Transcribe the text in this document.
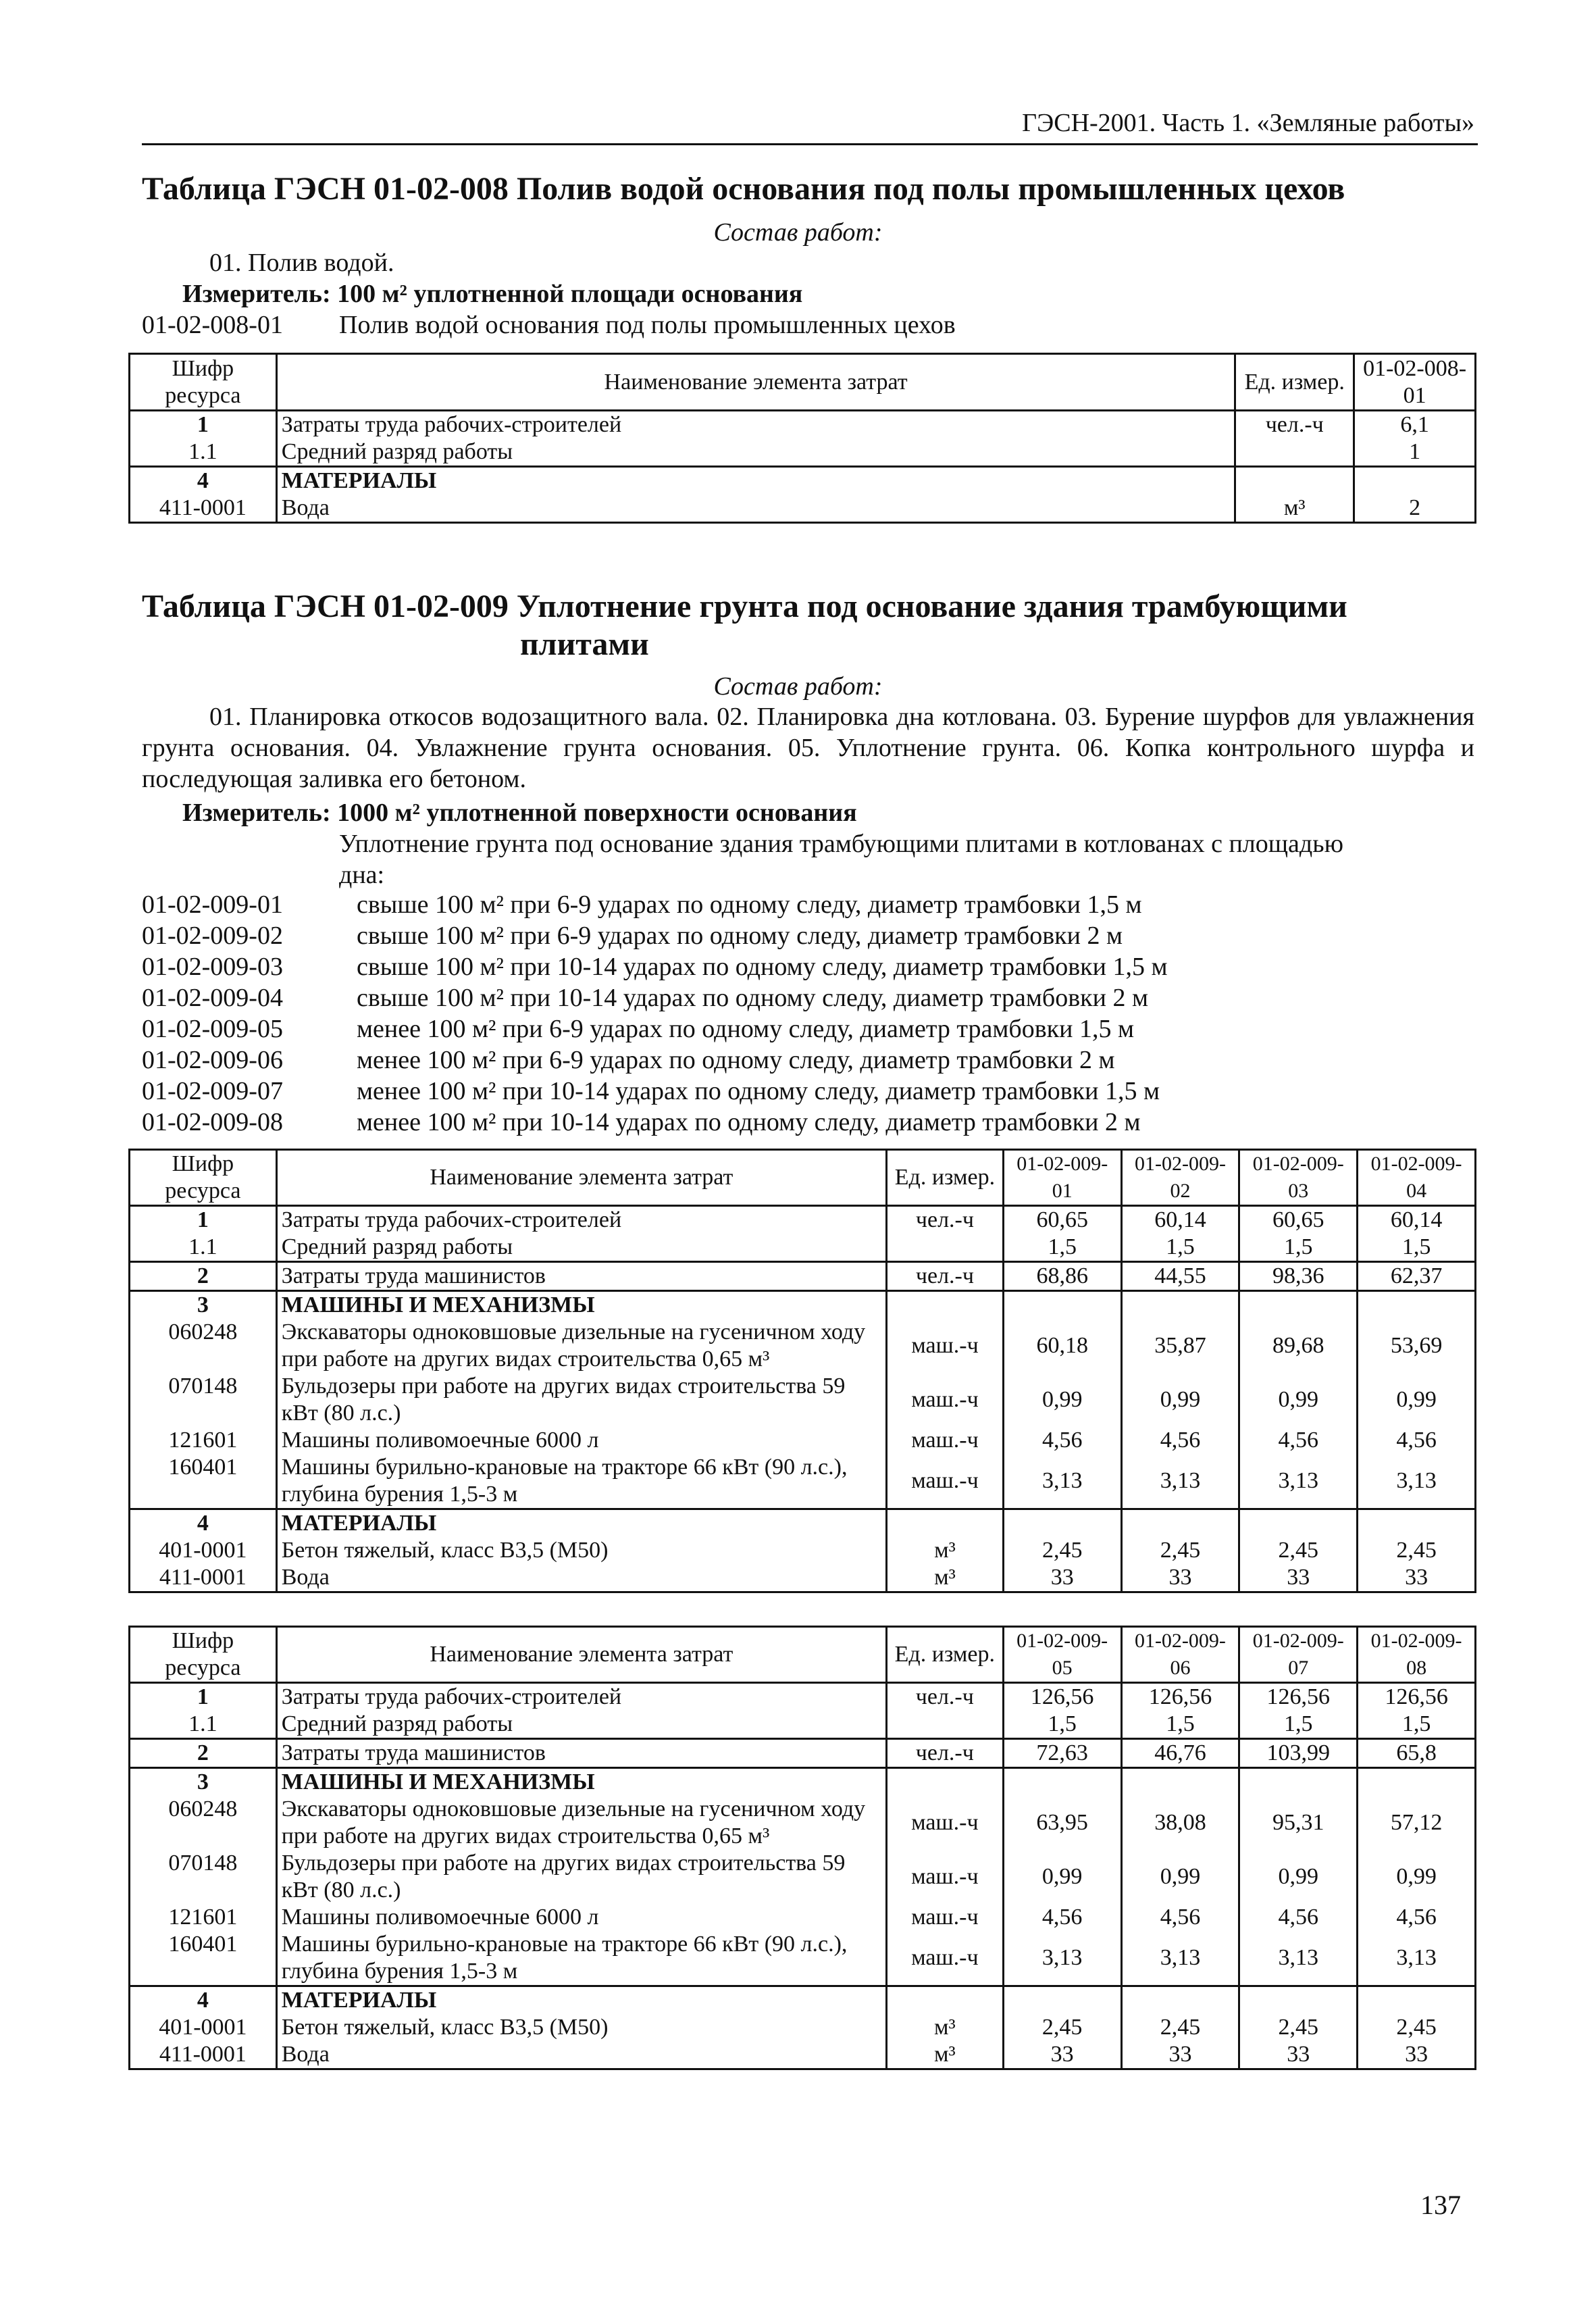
ГЭСН-2001. Часть 1. «Земляные работы»
Таблица ГЭСН 01-02-008 Полив водой основания под полы промышленных цехов
Состав работ:
01. Полив водой.
Измеритель: 100 м² уплотненной площади основания
01-02-008-01 Полив водой основания под полы промышленных цехов
Шифр ресурса	Наименование элемента затрат	Ед. измер.	01-02-008-01
1	Затраты труда рабочих-строителей	чел.-ч	6,1
1.1	Средний разряд работы		1
4	МАТЕРИАЛЫ		
411-0001	Вода	м³	2
Таблица ГЭСН 01-02-009 Уплотнение грунта под основание здания трамбующими
плитами
Состав работ:
01. Планировка откосов водозащитного вала. 02. Планировка дна котлована. 03. Бурение шурфов для увлажнения грунта основания. 04. Увлажнение грунта основания. 05. Уплотнение грунта. 06. Копка контрольного шурфа и последующая заливка его бетоном.
Измеритель: 1000 м² уплотненной поверхности основания
Уплотнение грунта под основание здания трамбующими плитами в котлованах с площадью
дна:
01-02-009-01	свыше 100 м² при 6-9 ударах по одному следу, диаметр трамбовки 1,5 м
01-02-009-02	свыше 100 м² при 6-9 ударах по одному следу, диаметр трамбовки 2 м
01-02-009-03	свыше 100 м² при 10-14 ударах по одному следу, диаметр трамбовки 1,5 м
01-02-009-04	свыше 100 м² при 10-14 ударах по одному следу, диаметр трамбовки 2 м
01-02-009-05	менее 100 м² при 6-9 ударах по одному следу, диаметр трамбовки 1,5 м
01-02-009-06	менее 100 м² при 6-9 ударах по одному следу, диаметр трамбовки 2 м
01-02-009-07	менее 100 м² при 10-14 ударах по одному следу, диаметр трамбовки 1,5 м
01-02-009-08	менее 100 м² при 10-14 ударах по одному следу, диаметр трамбовки 2 м
Шифр ресурса	Наименование элемента затрат	Ед. измер.	01-02-009-01	01-02-009-02	01-02-009-03	01-02-009-04
1	Затраты труда рабочих-строителей	чел.-ч	60,65	60,14	60,65	60,14
1.1	Средний разряд работы		1,5	1,5	1,5	1,5
2	Затраты труда машинистов	чел.-ч	68,86	44,55	98,36	62,37
3	МАШИНЫ И МЕХАНИЗМЫ					
060248	Экскаваторы одноковшовые дизельные на гусеничном ходу при работе на других видах строительства 0,65 м³	маш.-ч	60,18	35,87	89,68	53,69
070148	Бульдозеры при работе на других видах строительства 59 кВт (80 л.с.)	маш.-ч	0,99	0,99	0,99	0,99
121601	Машины поливомоечные 6000 л	маш.-ч	4,56	4,56	4,56	4,56
160401	Машины бурильно-крановые на тракторе 66 кВт (90 л.с.), глубина бурения 1,5-3 м	маш.-ч	3,13	3,13	3,13	3,13
4	МАТЕРИАЛЫ					
401-0001	Бетон тяжелый, класс В3,5 (М50)	м³	2,45	2,45	2,45	2,45
411-0001	Вода	м³	33	33	33	33
Шифр ресурса	Наименование элемента затрат	Ед. измер.	01-02-009-05	01-02-009-06	01-02-009-07	01-02-009-08
1	Затраты труда рабочих-строителей	чел.-ч	126,56	126,56	126,56	126,56
1.1	Средний разряд работы		1,5	1,5	1,5	1,5
2	Затраты труда машинистов	чел.-ч	72,63	46,76	103,99	65,8
3	МАШИНЫ И МЕХАНИЗМЫ					
060248	Экскаваторы одноковшовые дизельные на гусеничном ходу при работе на других видах строительства 0,65 м³	маш.-ч	63,95	38,08	95,31	57,12
070148	Бульдозеры при работе на других видах строительства 59 кВт (80 л.с.)	маш.-ч	0,99	0,99	0,99	0,99
121601	Машины поливомоечные 6000 л	маш.-ч	4,56	4,56	4,56	4,56
160401	Машины бурильно-крановые на тракторе 66 кВт (90 л.с.), глубина бурения 1,5-3 м	маш.-ч	3,13	3,13	3,13	3,13
4	МАТЕРИАЛЫ					
401-0001	Бетон тяжелый, класс В3,5 (М50)	м³	2,45	2,45	2,45	2,45
411-0001	Вода	м³	33	33	33	33
137
